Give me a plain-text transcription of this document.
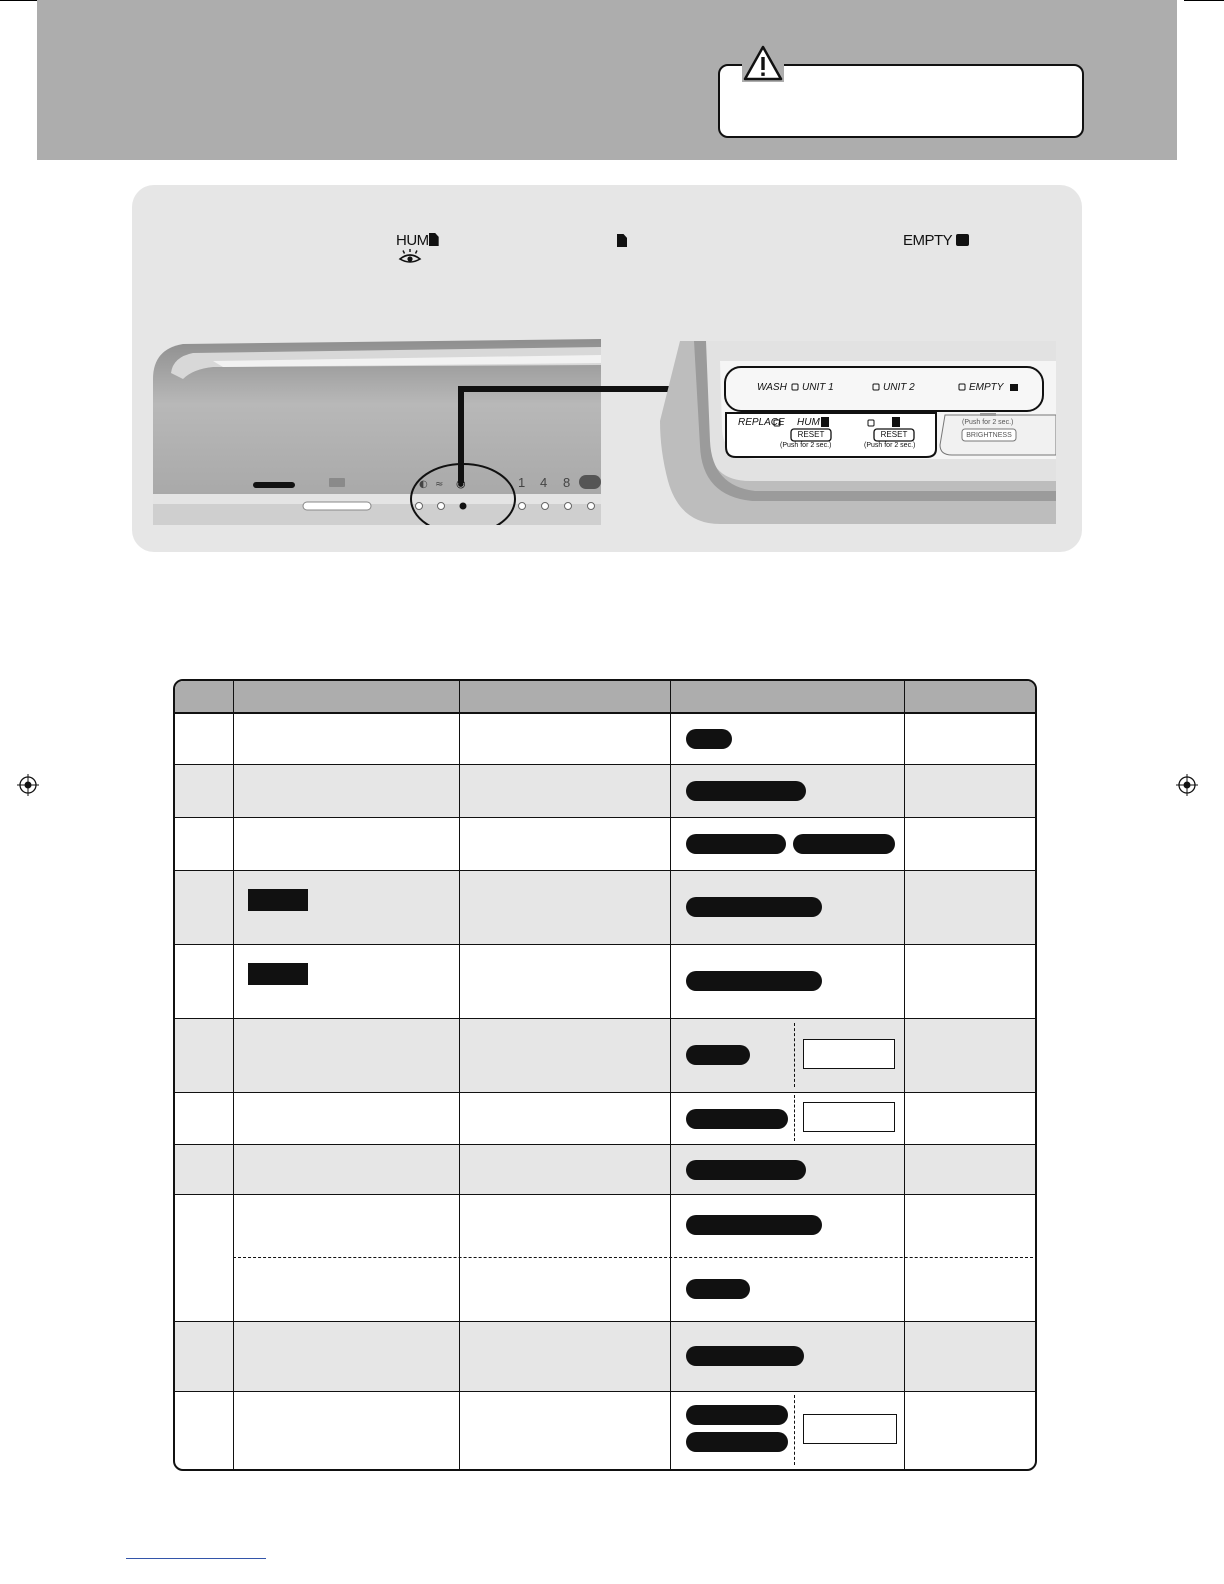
HUM	EMPTY
◐ ≈ ◉	1 4 8
WASH UNIT 1	UNIT 2	EMPTY
REPLACE HUM
RESET	RESET
(Push for 2 sec.)	(Push for 2 sec.)
(Push for 2 sec.)
BRIGHTNESS
